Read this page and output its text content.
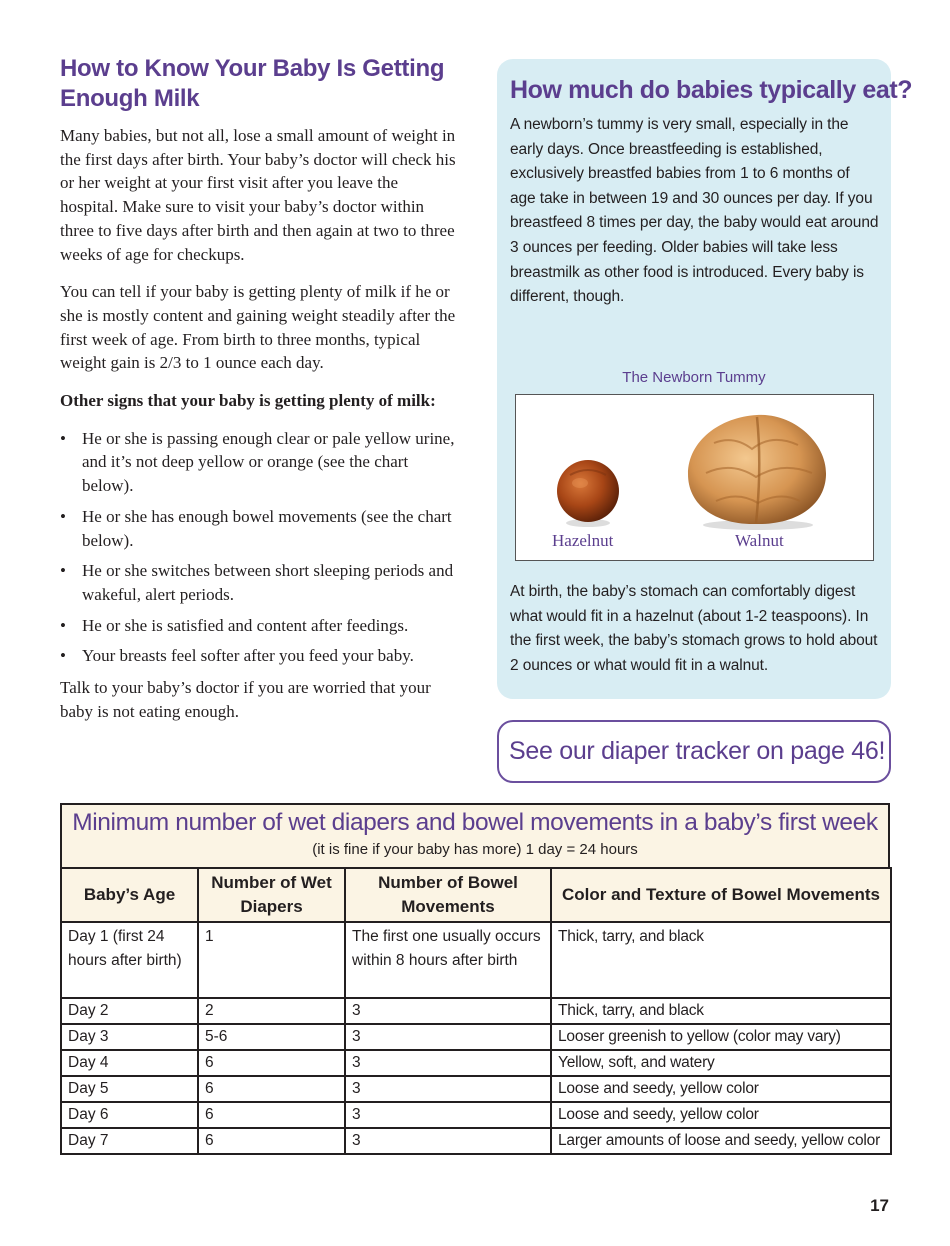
How to Know Your Baby Is Getting Enough Milk

Many babies, but not all, lose a small amount of weight in the first days after birth. Your baby’s doctor will check his or her weight at your first visit after you leave the hospital. Make sure to visit your baby’s doctor within three to five days after birth and then again at two to three weeks of age for checkups.

You can tell if your baby is getting plenty of milk if he or she is mostly content and gaining weight steadily after the first week of age. From birth to three months, typical weight gain is 2/3 to 1 ounce each day.

Other signs that your baby is getting plenty of milk:

• He or she is passing enough clear or pale yellow urine, and it’s not deep yellow or orange (see the chart below).
• He or she has enough bowel movements (see the chart below).
• He or she switches between short sleeping periods and wakeful, alert periods.
• He or she is satisfied and content after feedings.
• Your breasts feel softer after you feed your baby.

Talk to your baby’s doctor if you are worried that your baby is not eating enough.

How much do babies typically eat?

A newborn’s tummy is very small, especially in the early days. Once breastfeeding is established, exclusively breastfed babies from 1 to 6 months of age take in between 19 and 30 ounces per day. If you breastfeed 8 times per day, the baby would eat around 3 ounces per feeding. Older babies will take less breastmilk as other food is introduced. Every baby is different, though.

The Newborn Tummy
Hazelnut	Walnut

At birth, the baby’s stomach can comfortably digest what would fit in a hazelnut (about 1-2 teaspoons). In the first week, the baby’s stomach grows to hold about 2 ounces or what would fit in a walnut.

See our diaper tracker on page 46!
Minimum number of wet diapers and bowel movements in a baby’s first week
(it is fine if your baby has more) 1 day = 24 hours
Baby’s Age	Number of Wet Diapers	Number of Bowel Movements	Color and Texture of Bowel Movements
Day 1 (first 24 hours after birth)	1	The first one usually occurs within 8 hours after birth	Thick, tarry, and black
Day 2	2	3	Thick, tarry, and black
Day 3	5-6	3	Looser greenish to yellow (color may vary)
Day 4	6	3	Yellow, soft, and watery
Day 5	6	3	Loose and seedy, yellow color
Day 6	6	3	Loose and seedy, yellow color
Day 7	6	3	Larger amounts of loose and seedy, yellow color
17
